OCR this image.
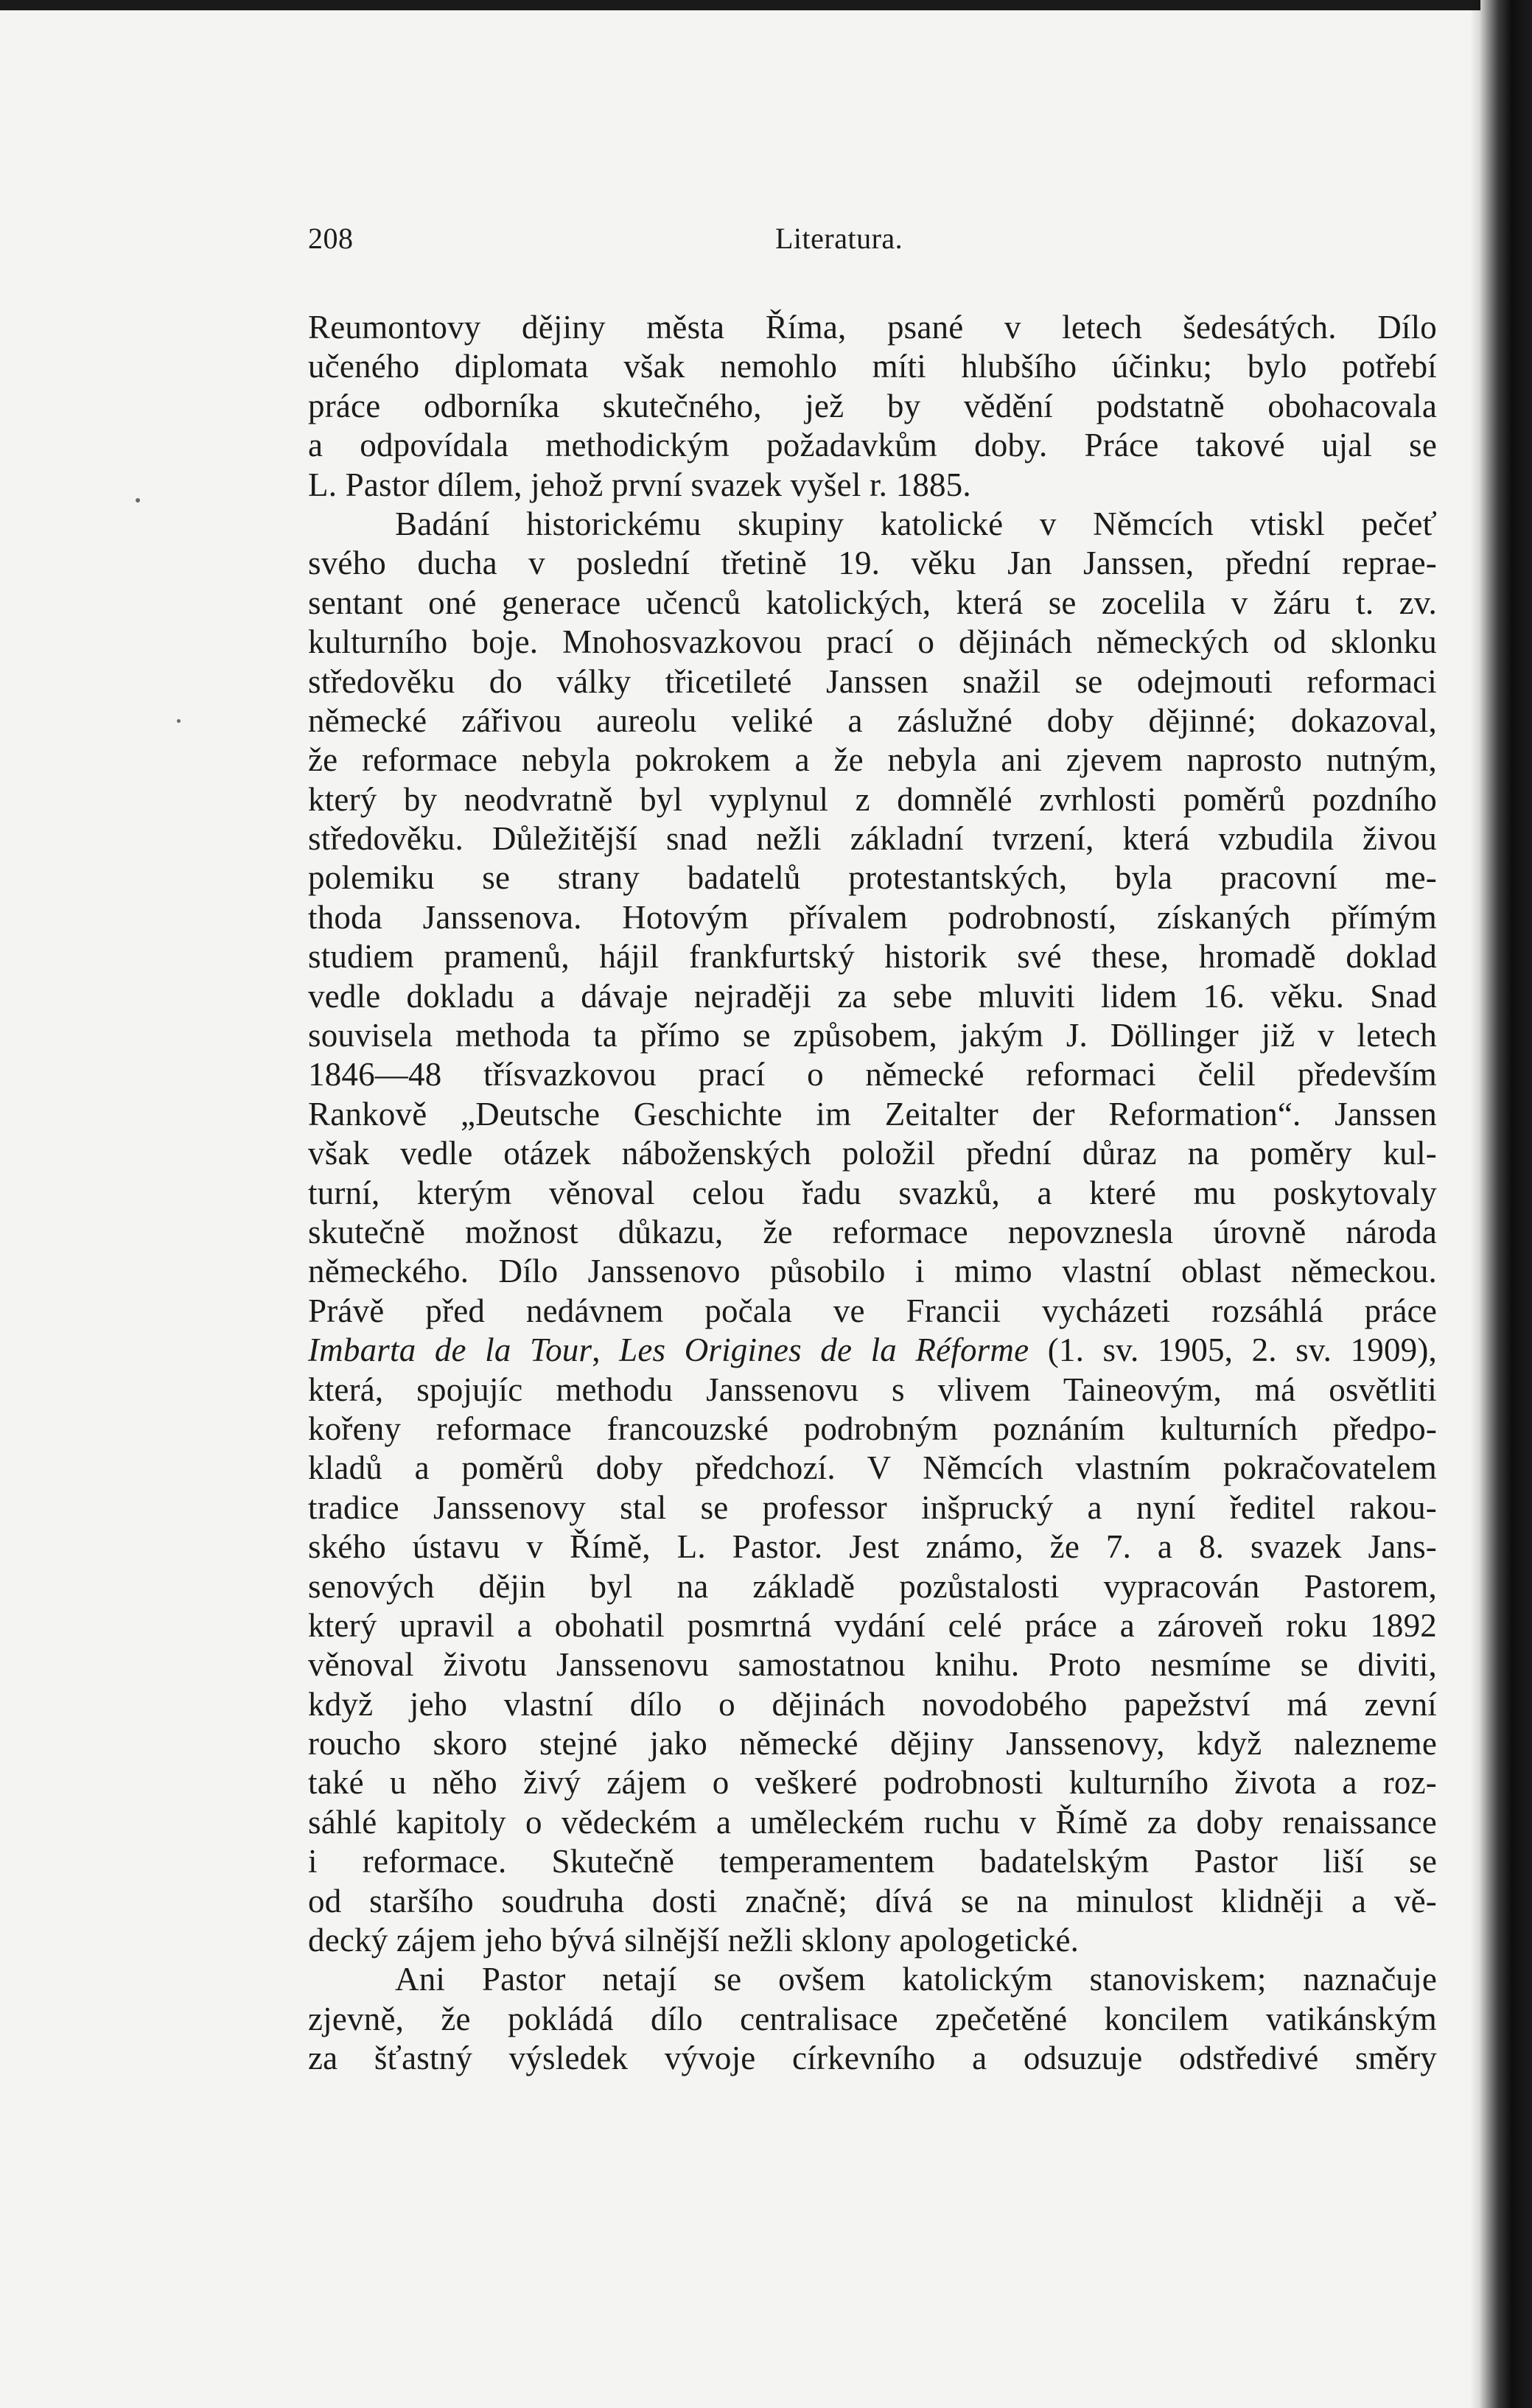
208	Literatura.
Reumontovy dějiny města Říma, psané v letech šedesátých. Dílo
učeného diplomata však nemohlo míti hlubšího účinku; bylo potřebí
práce odborníka skutečného, jež by vědění podstatně obohacovala
a odpovídala methodickým požadavkům doby. Práce takové ujal se
L. Pastor dílem, jehož první svazek vyšel r. 1885.
Badání historickému skupiny katolické v Němcích vtiskl pečeť
svého ducha v poslední třetině 19. věku Jan Janssen, přední repraе-
sentant oné generace učenců katolických, která se zocelila v žáru t. zv.
kulturního boje. Mnohosvazkovou prací o dějinách německých od sklonku
středověku do války třicetileté Janssen snažil se odejmouti reformaci
německé zářivou aureolu veliké a záslužné doby dějinné; dokazoval,
že reformace nebyla pokrokem a že nebyla ani zjevem naprosto nutným,
který by neodvratně byl vyplynul z domnělé zvrhlosti poměrů pozdního
středověku. Důležitější snad nežli základní tvrzení, která vzbudila živou
polemiku se strany badatelů protestantských, byla pracovní me-
thoda Janssenova. Hotovým přívalem podrobností, získaných přímým
studiem pramenů, hájil frankfurtský historik své these, hromadě doklad
vedle dokladu a dávaje nejraději za sebe mluviti lidem 16. věku. Snad
souvisela methoda ta přímo se způsobem, jakým J. Döllinger již v letech
1846—48 třísvazkovou prací o německé reformaci čelil především
Rankově „Deutsche Geschichte im Zeitalter der Reformation“. Janssen
však vedle otázek náboženských položil přední důraz na poměry kul-
turní, kterým věnoval celou řadu svazků, a které mu poskytovaly
skutečně možnost důkazu, že reformace nepovznesla úrovně národa
německého. Dílo Janssenovo působilo i mimo vlastní oblast německou.
Právě před nedávnem počala ve Francii vycházeti rozsáhlá práce
Imbarta de la Tour, Les Origines de la Réforme (1. sv. 1905, 2. sv. 1909),
která, spojujíc methodu Janssenovu s vlivem Taineovým, má osvětliti
kořeny reformace francouzské podrobným poznáním kulturních předpo-
kladů a poměrů doby předchozí. V Němcích vlastním pokračovatelem
tradice Janssenovy stal se professor inšprucký a nyní ředitel rakou-
ského ústavu v Římě, L. Pastor. Jest známo, že 7. a 8. svazek Jans-
senových dějin byl na základě pozůstalosti vypracován Pastorem,
který upravil a obohatil posmrtná vydání celé práce a zároveň roku 1892
věnoval životu Janssenovu samostatnou knihu. Proto nesmíme se diviti,
když jeho vlastní dílo o dějinách novodobého papežství má zevní
roucho skoro stejné jako německé dějiny Janssenovy, když nalezneme
také u něho živý zájem o veškeré podrobnosti kulturního života a roz-
sáhlé kapitoly o vědeckém a uměleckém ruchu v Římě za doby renaissance
i reformace. Skutečně temperamentem badatelským Pastor liší se
od staršího soudruha dosti značně; dívá se na minulost klidněji a vě-
decký zájem jeho bývá silnější nežli sklony apologetické.
Ani Pastor netají se ovšem katolickým stanoviskem; naznačuje
zjevně, že pokládá dílo centralisace zpečetěné koncilem vatikánským
za šťastný výsledek vývoje církevního a odsuzuje odstředivé směry
